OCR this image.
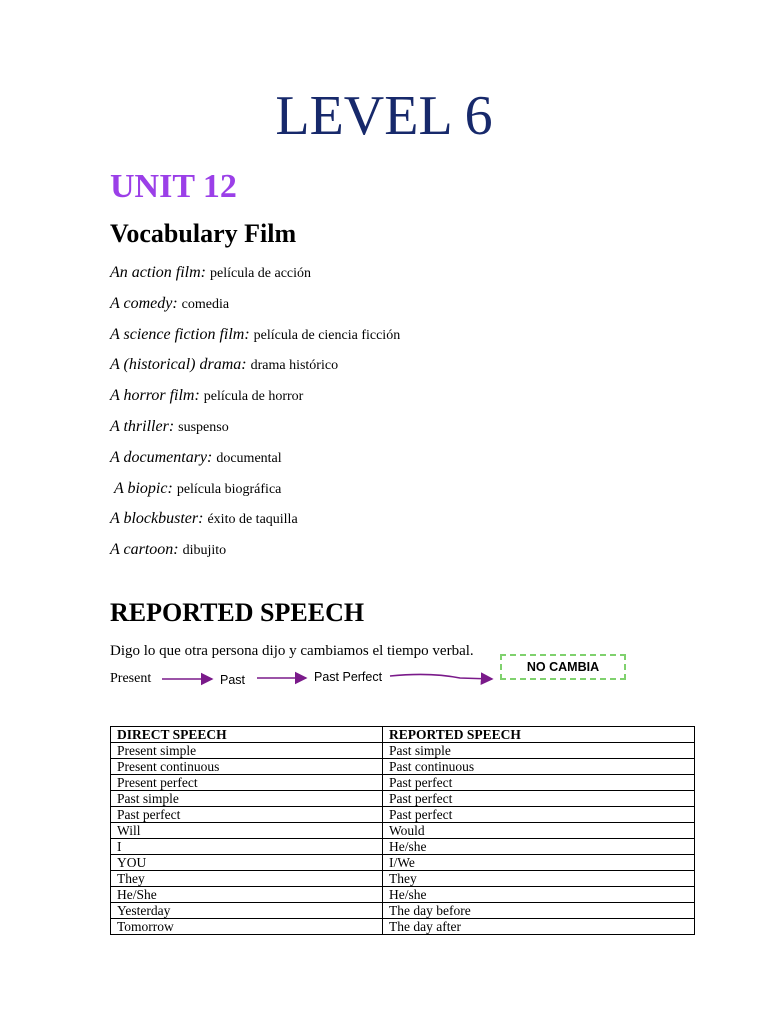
LEVEL 6
UNIT 12
Vocabulary Film
An action film: película de acción
A comedy: comedia
A science fiction film: película de ciencia ficción
A (historical) drama: drama histórico
A horror film: película de horror
A thriller: suspenso
A documentary: documental
A biopic: película biográfica
A blockbuster: éxito de taquilla
A cartoon: dibujito
REPORTED SPEECH
Digo lo que otra persona dijo y cambiamos el tiempo verbal.
Present	Past	Past Perfect
NO CAMBIA
DIRECT SPEECH	REPORTED SPEECH
Present simple	Past simple
Present continuous	Past continuous
Present perfect	Past perfect
Past simple	Past perfect
Past perfect	Past perfect
Will	Would
I	He/she
YOU	I/We
They	They
He/She	He/she
Yesterday	The day before
Tomorrow	The day after
